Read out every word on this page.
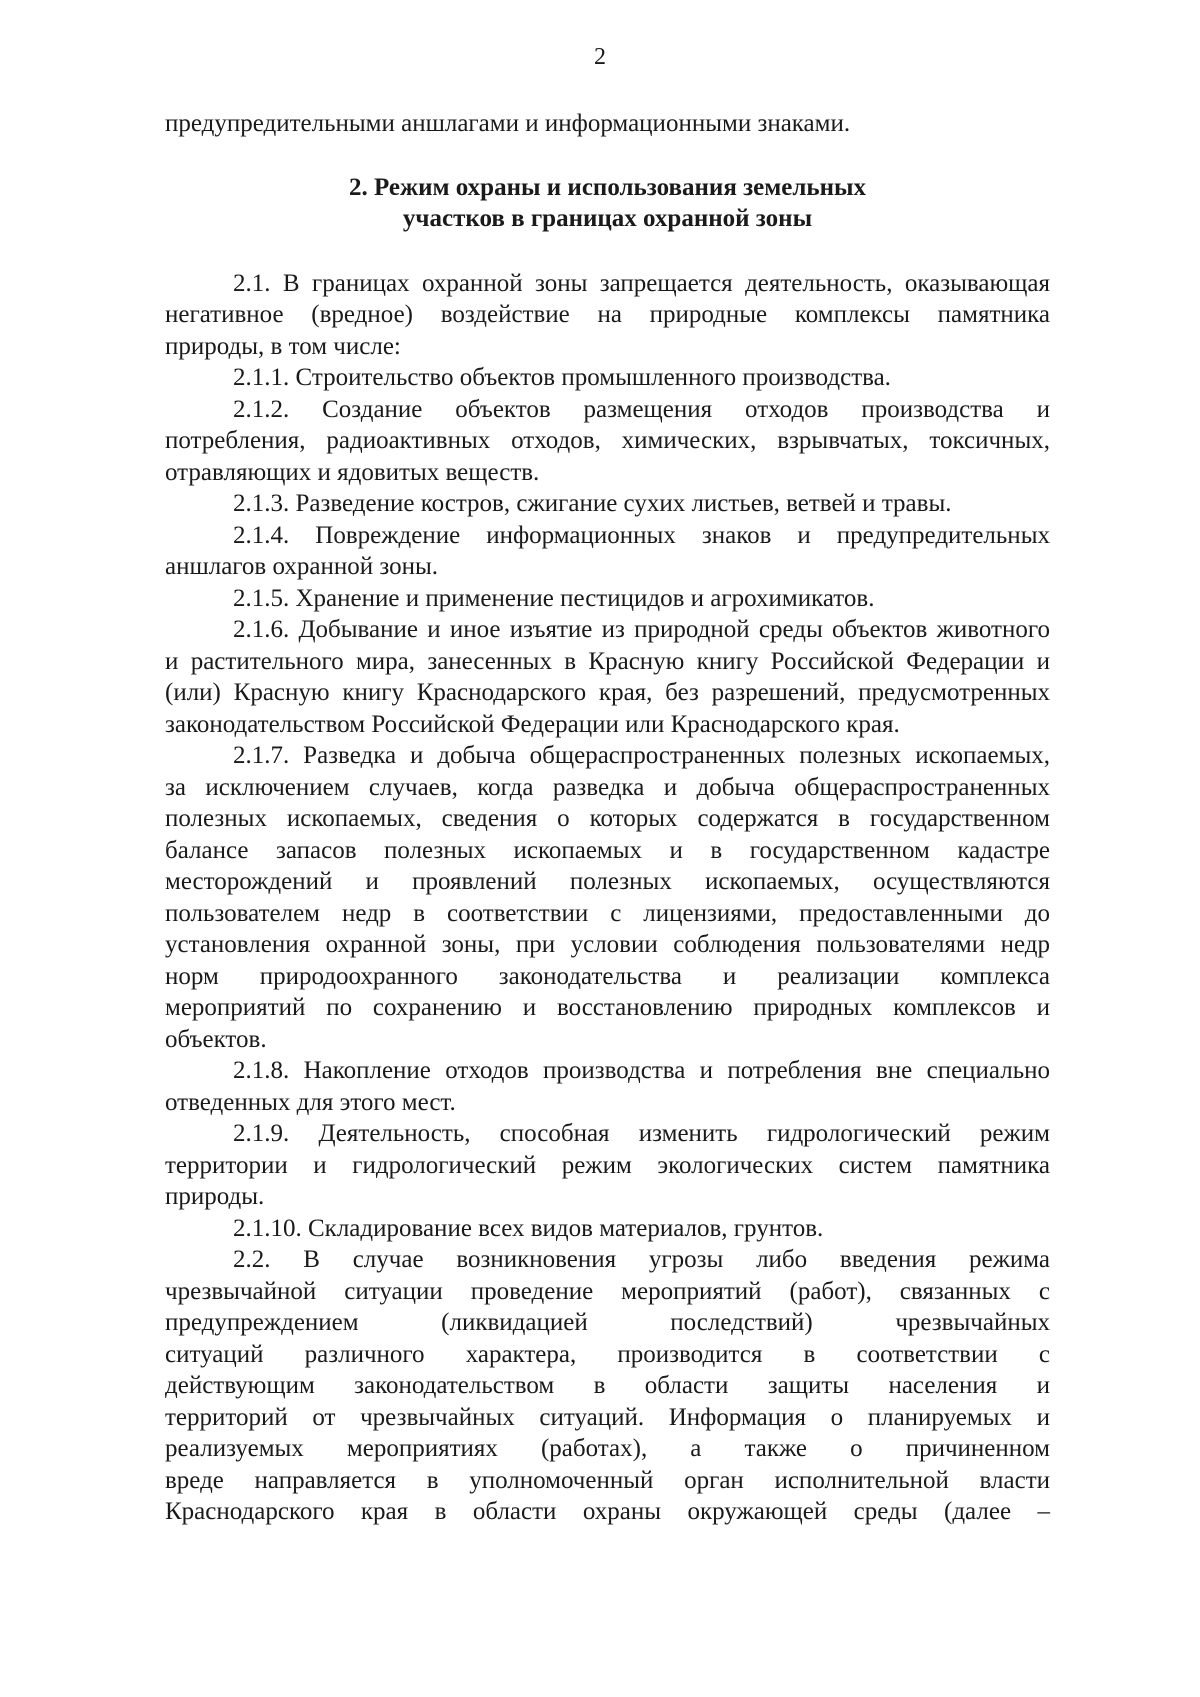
2
предупредительными аншлагами и информационными знаками.
2. Режим охраны и использования земельных
участков в границах охранной зоны
2.1. В границах охранной зоны запрещается деятельность, оказывающая
негативное (вредное) воздействие на природные комплексы памятника
природы, в том числе:
2.1.1. Строительство объектов промышленного производства.
2.1.2. Создание объектов размещения отходов производства и
потребления, радиоактивных отходов, химических, взрывчатых, токсичных,
отравляющих и ядовитых веществ.
2.1.3. Разведение костров, сжигание сухих листьев, ветвей и травы.
2.1.4. Повреждение информационных знаков и предупредительных
аншлагов охранной зоны.
2.1.5. Хранение и применение пестицидов и агрохимикатов.
2.1.6. Добывание и иное изъятие из природной среды объектов животного
и растительного мира, занесенных в Красную книгу Российской Федерации и
(или) Красную книгу Краснодарского края, без разрешений, предусмотренных
законодательством Российской Федерации или Краснодарского края.
2.1.7. Разведка и добыча общераспространенных полезных ископаемых,
за исключением случаев, когда разведка и добыча общераспространенных
полезных ископаемых, сведения о которых содержатся в государственном
балансе запасов полезных ископаемых и в государственном кадастре
месторождений и проявлений полезных ископаемых, осуществляются
пользователем недр в соответствии с лицензиями, предоставленными до
установления охранной зоны, при условии соблюдения пользователями недр
норм природоохранного законодательства и реализации комплекса
мероприятий по сохранению и восстановлению природных комплексов и
объектов.
2.1.8. Накопление отходов производства и потребления вне специально
отведенных для этого мест.
2.1.9. Деятельность, способная изменить гидрологический режим
территории и гидрологический режим экологических систем памятника
природы.
2.1.10. Складирование всех видов материалов, грунтов.
2.2. В случае возникновения угрозы либо введения режима
чрезвычайной ситуации проведение мероприятий (работ), связанных с
предупреждением (ликвидацией последствий) чрезвычайных
ситуаций различного характера, производится в соответствии с
действующим законодательством в области защиты населения и
территорий от чрезвычайных ситуаций. Информация о планируемых и
реализуемых мероприятиях (работах), а также о причиненном
вреде направляется в уполномоченный орган исполнительной власти
Краснодарского края в области охраны окружающей среды (далее –
